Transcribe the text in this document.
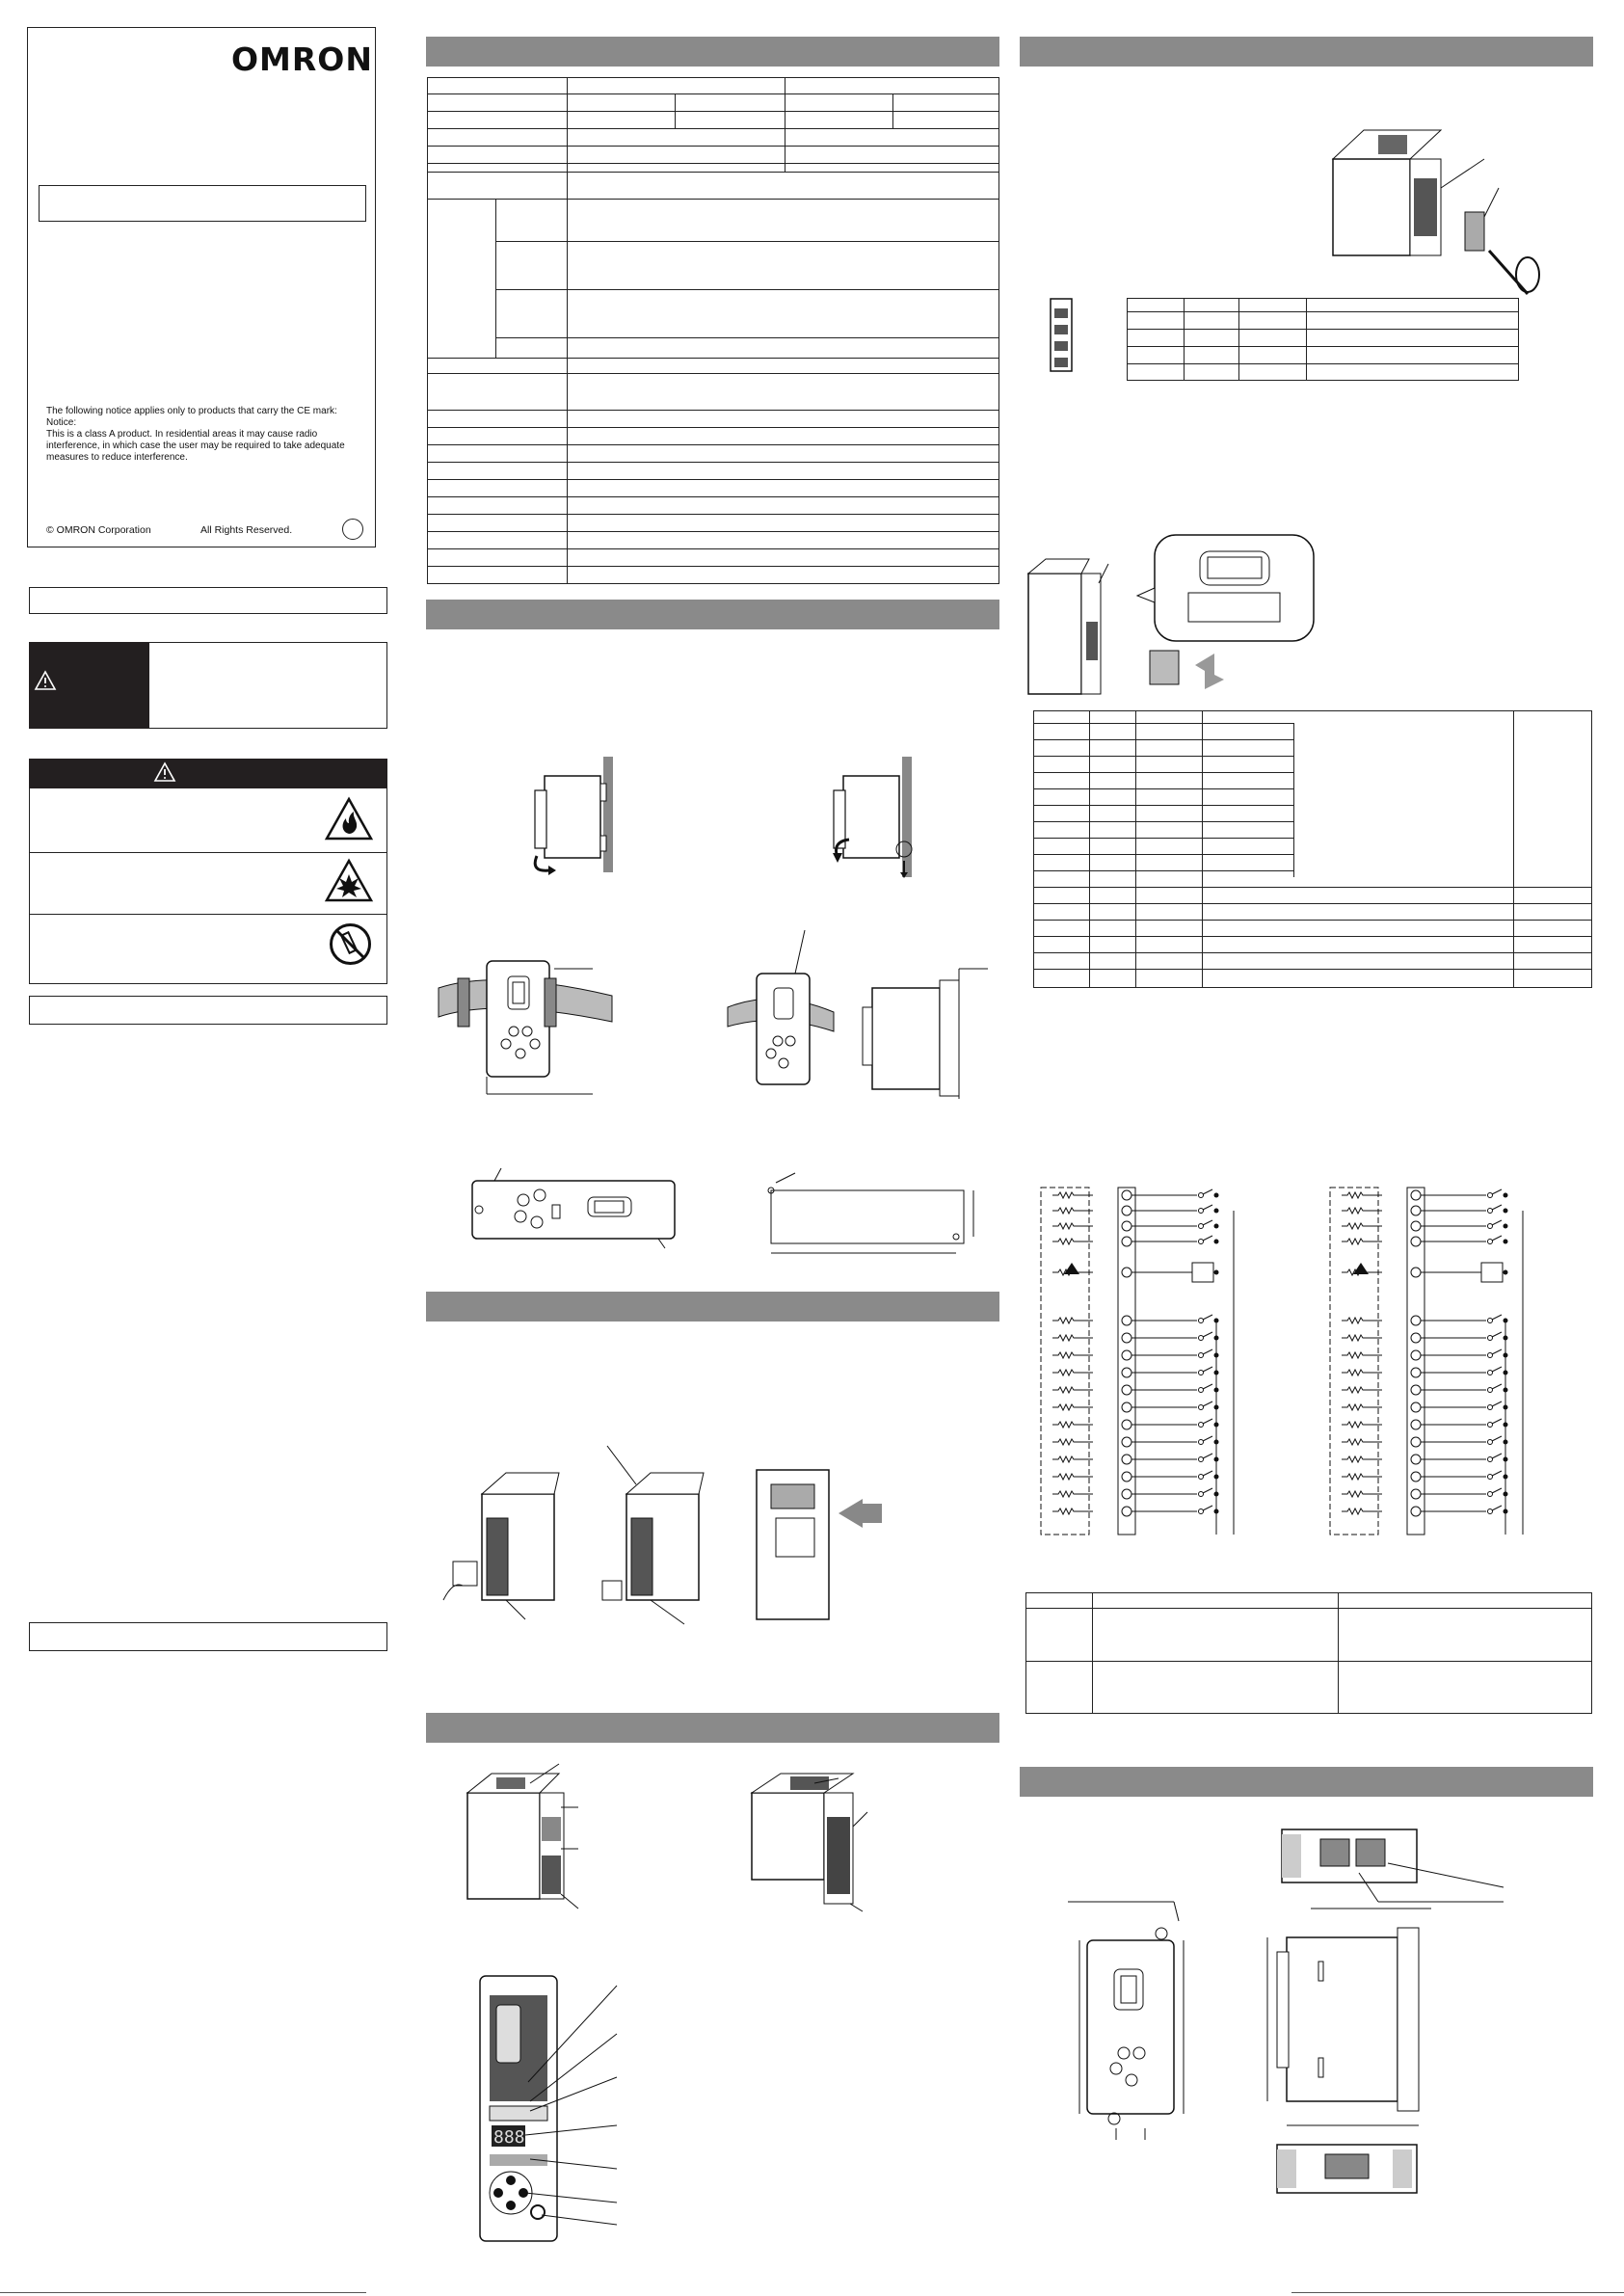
OMRON
The following notice applies only to products that carry the CE mark:
Notice:
This is a class A product. In residential areas it may cause radio
interference, in which case the user may be required to take adequate
measures to reduce interference.
© OMRON Corporation	All Rights Reserved.
888
